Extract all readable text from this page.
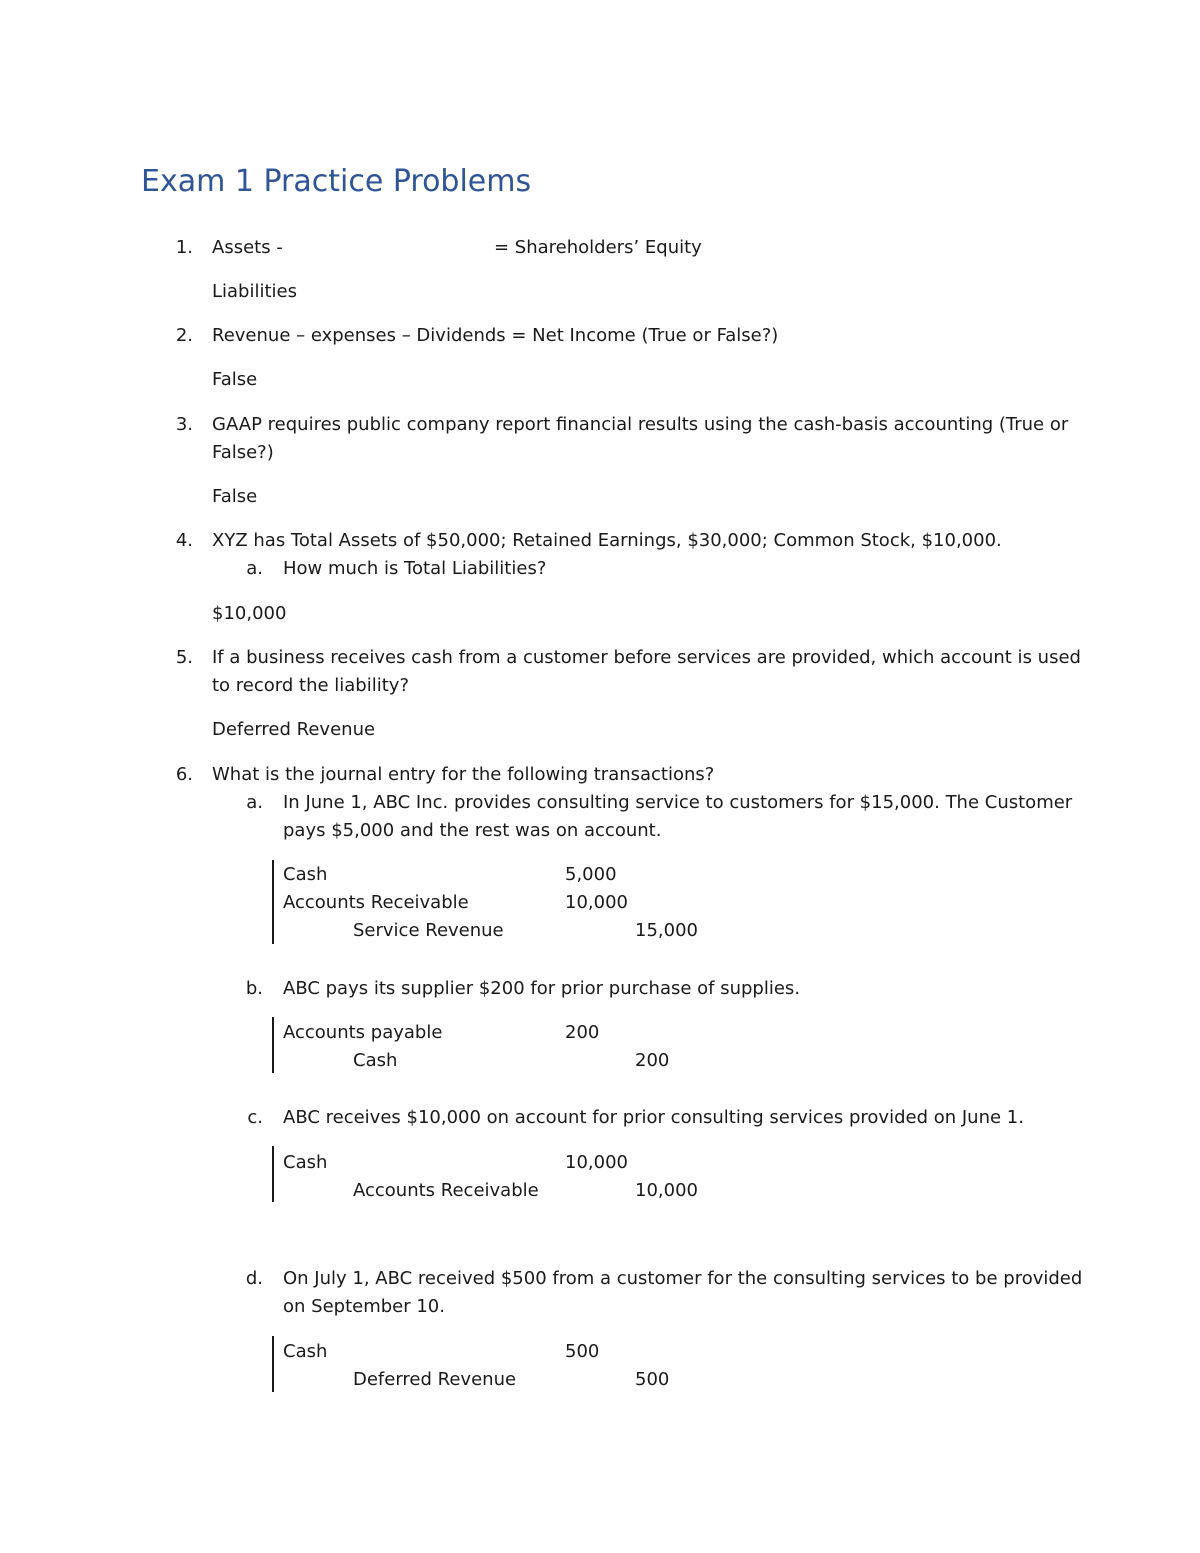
Exam 1 Practice Problems
1. Assets -	= Shareholders’ Equity
Liabilities
2. Revenue – expenses – Dividends = Net Income (True or False?)
False
3. GAAP requires public company report financial results using the cash-basis accounting (True or
False?)
False
4. XYZ has Total Assets of $50,000; Retained Earnings, $30,000; Common Stock, $10,000.
a. How much is Total Liabilities?
$10,000
5. If a business receives cash from a customer before services are provided, which account is used
to record the liability?
Deferred Revenue
6. What is the journal entry for the following transactions?
a. In June 1, ABC Inc. provides consulting service to customers for $15,000. The Customer
pays $5,000 and the rest was on account.
Cash	5,000
Accounts Receivable	10,000
Service Revenue	15,000
b. ABC pays its supplier $200 for prior purchase of supplies.
Accounts payable	200
Cash	200
c. ABC receives $10,000 on account for prior consulting services provided on June 1.
Cash	10,000
Accounts Receivable	10,000
d. On July 1, ABC received $500 from a customer for the consulting services to be provided
on September 10.
Cash	500
Deferred Revenue	500
